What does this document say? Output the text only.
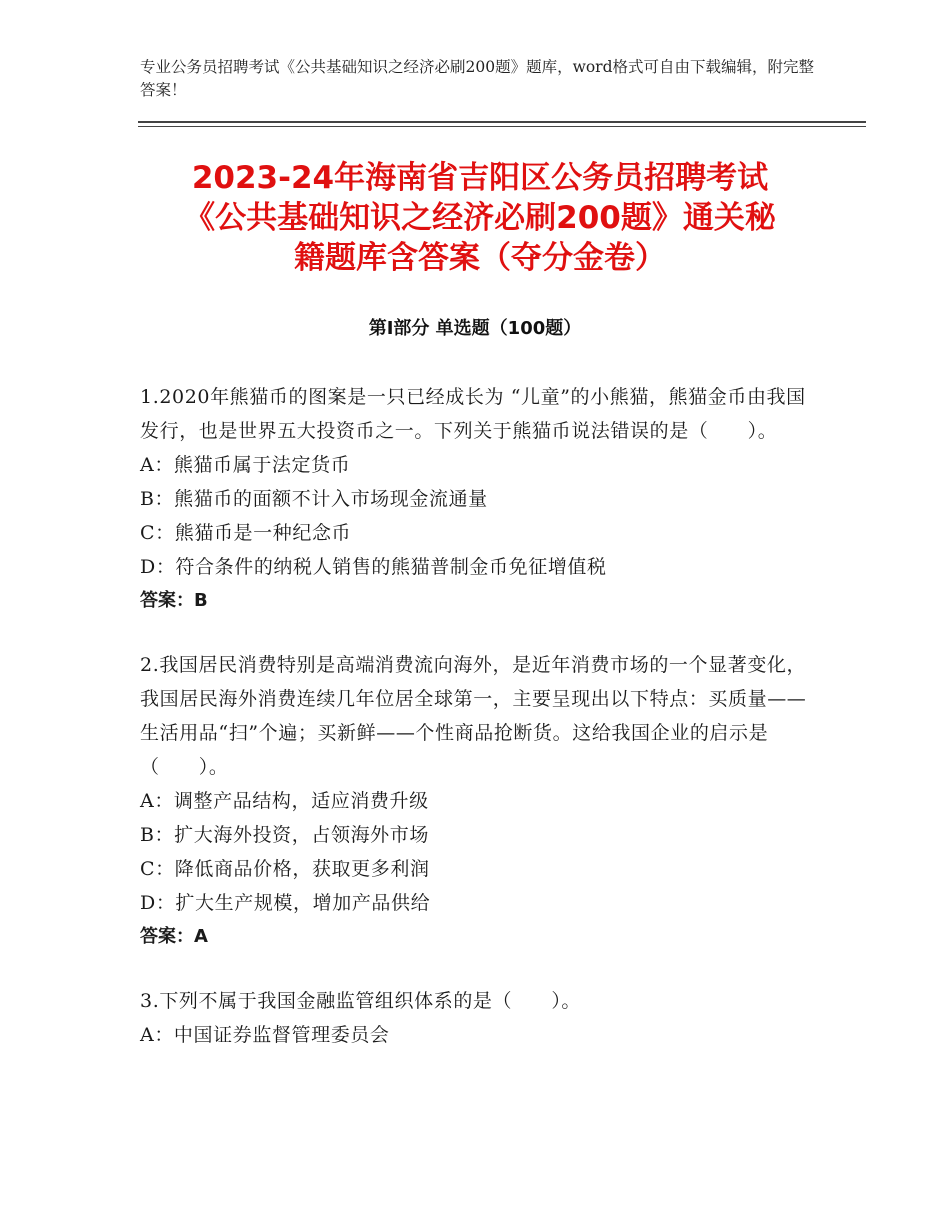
专业公务员招聘考试《公共基础知识之经济必刷200题》题库，word格式可自由下载编辑，附完整答案！
2023-24年海南省吉阳区公务员招聘考试
《公共基础知识之经济必刷200题》通关秘
籍题库含答案（夺分金卷）
第Ⅰ部分 单选题（100题）
1.2020年熊猫币的图案是一只已经成长为 “儿童”的小熊猫，熊猫金币由我国发行，也是世界五大投资币之一。下列关于熊猫币说法错误的是（　　）。
A：熊猫币属于法定货币
B：熊猫币的面额不计入市场现金流通量
C：熊猫币是一种纪念币
D：符合条件的纳税人销售的熊猫普制金币免征增值税
答案：B
2.我国居民消费特别是高端消费流向海外，是近年消费市场的一个显著变化，我国居民海外消费连续几年位居全球第一，主要呈现出以下特点：买质量——生活用品“扫”个遍；买新鲜——个性商品抢断货。这给我国企业的启示是（　　）。
A：调整产品结构，适应消费升级
B：扩大海外投资，占领海外市场
C：降低商品价格，获取更多利润
D：扩大生产规模，增加产品供给
答案：A
3.下列不属于我国金融监管组织体系的是（　　）。
A：中国证券监督管理委员会
